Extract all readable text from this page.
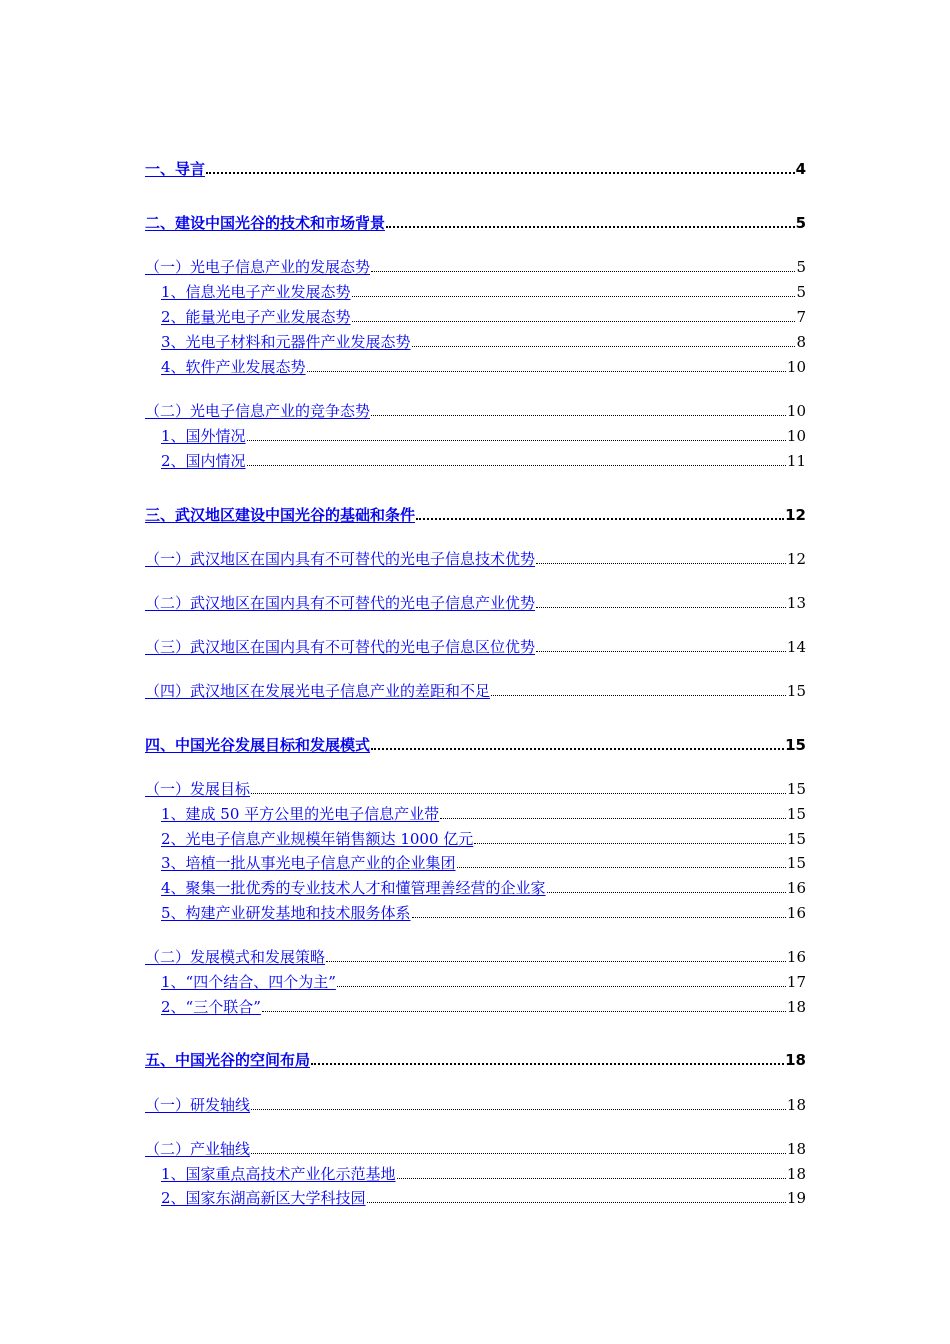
一、导言	4
二、建设中国光谷的技术和市场背景	5
（一）光电子信息产业的发展态势	5
1、信息光电子产业发展态势	5
2、能量光电子产业发展态势	7
3、光电子材料和元器件产业发展态势	8
4、软件产业发展态势	10
（二）光电子信息产业的竞争态势	10
1、国外情况	10
2、国内情况	11
三、武汉地区建设中国光谷的基础和条件	12
（一）武汉地区在国内具有不可替代的光电子信息技术优势	12
（二）武汉地区在国内具有不可替代的光电子信息产业优势	13
（三）武汉地区在国内具有不可替代的光电子信息区位优势	14
（四）武汉地区在发展光电子信息产业的差距和不足	15
四、中国光谷发展目标和发展模式	15
（一）发展目标	15
1、建成 50 平方公里的光电子信息产业带	15
2、光电子信息产业规模年销售额达 1000 亿元	15
3、培植一批从事光电子信息产业的企业集团	15
4、聚集一批优秀的专业技术人才和懂管理善经营的企业家	16
5、构建产业研发基地和技术服务体系	16
（二）发展模式和发展策略	16
1、“四个结合、四个为主”	17
2、“三个联合”	18
五、中国光谷的空间布局	18
（一）研发轴线	18
（二）产业轴线	18
1、国家重点高技术产业化示范基地	18
2、国家东湖高新区大学科技园	19
